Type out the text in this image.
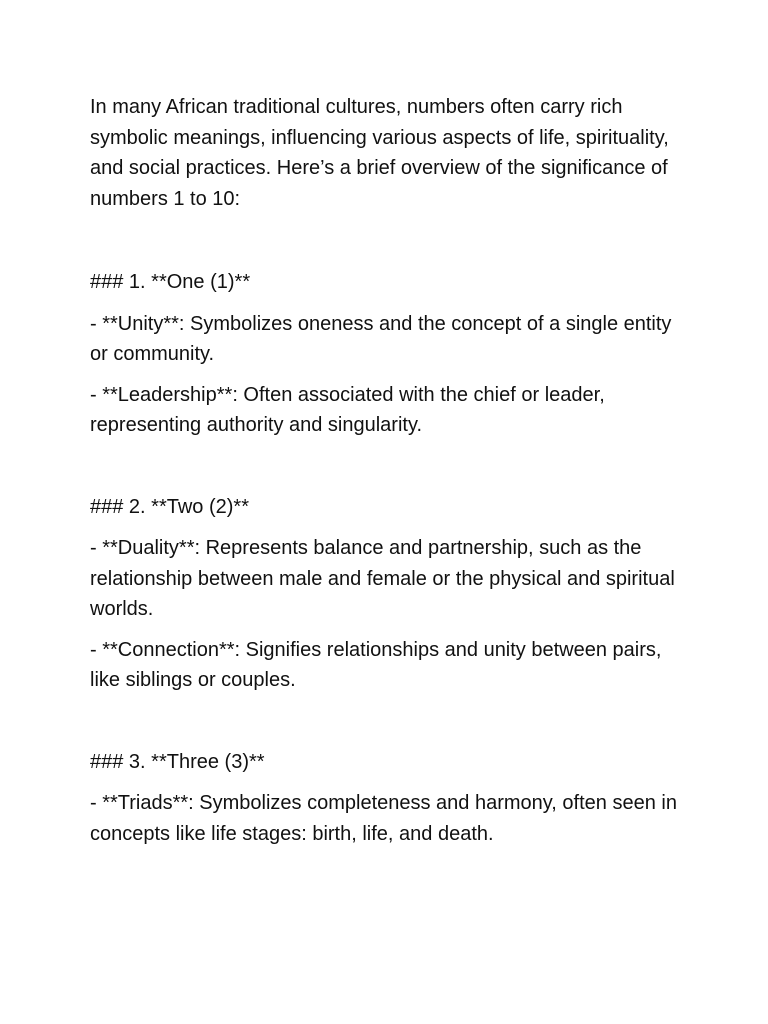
In many African traditional cultures, numbers often carry rich symbolic meanings, influencing various aspects of life, spirituality, and social practices. Here’s a brief overview of the significance of numbers 1 to 10:

### 1. **One (1)**

- **Unity**: Symbolizes oneness and the concept of a single entity or community.

- **Leadership**: Often associated with the chief or leader, representing authority and singularity.

### 2. **Two (2)**

- **Duality**: Represents balance and partnership, such as the relationship between male and female or the physical and spiritual worlds.

- **Connection**: Signifies relationships and unity between pairs, like siblings or couples.

### 3. **Three (3)**

- **Triads**: Symbolizes completeness and harmony, often seen in concepts like life stages: birth, life, and death.
